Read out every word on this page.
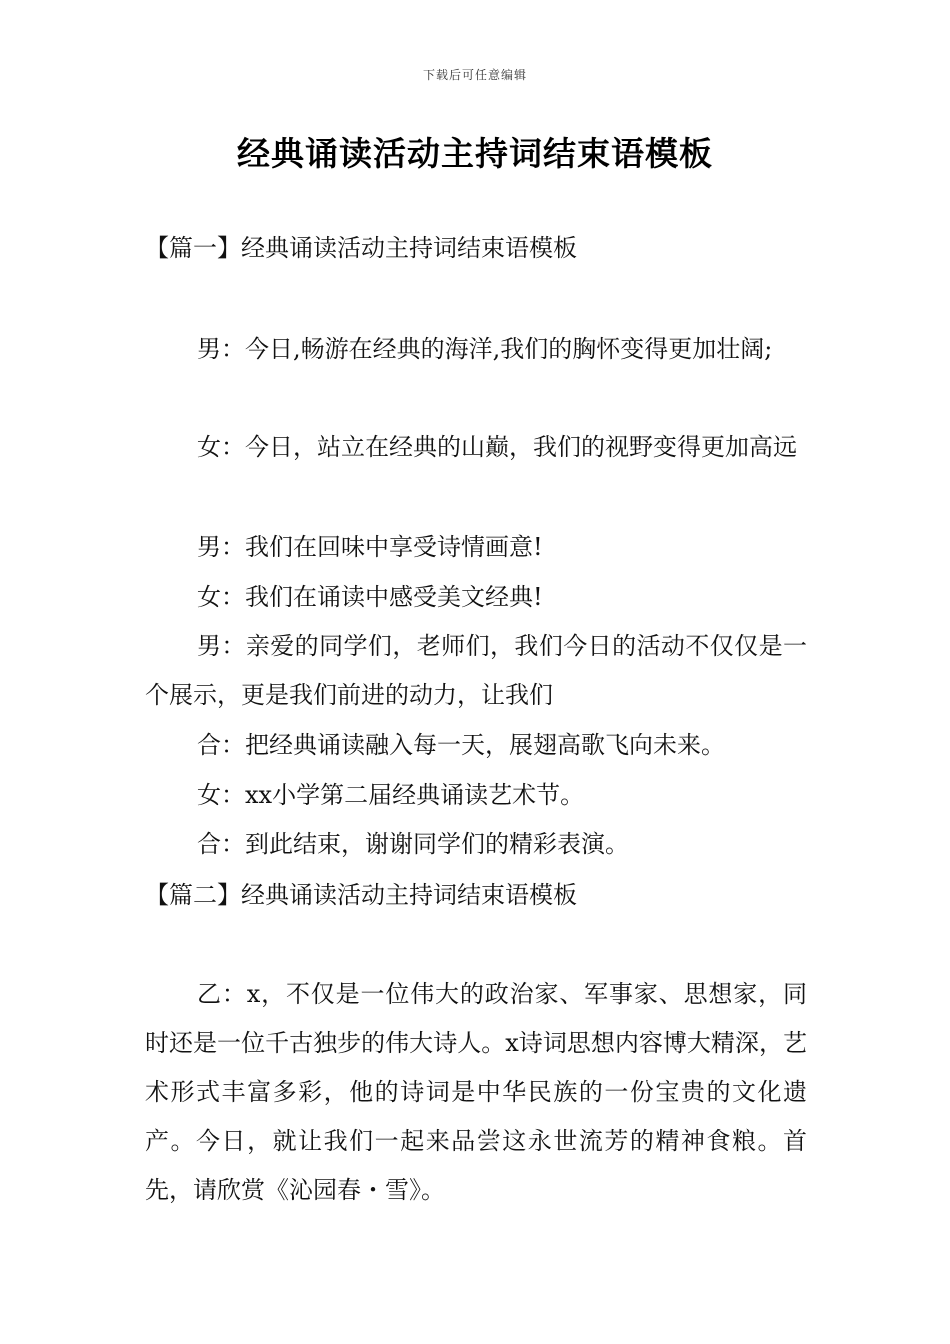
下载后可任意编辑
经典诵读活动主持词结束语模板
【篇一】经典诵读活动主持词结束语模板

男：今日,畅游在经典的海洋,我们的胸怀变得更加壮阔;

女：今日，站立在经典的山巅，我们的视野变得更加高远

男：我们在回味中享受诗情画意!

女：我们在诵读中感受美文经典!

男：亲爱的同学们，老师们，我们今日的活动不仅仅是一个展示，更是我们前进的动力，让我们

合：把经典诵读融入每一天，展翅高歌飞向未来。

女：xx小学第二届经典诵读艺术节。

合：到此结束，谢谢同学们的精彩表演。

【篇二】经典诵读活动主持词结束语模板

乙：x，不仅是一位伟大的政治家、军事家、思想家，同时还是一位千古独步的伟大诗人。x诗词思想内容博大精深，艺术形式丰富多彩，他的诗词是中华民族的一份宝贵的文化遗产。今日，就让我们一起来品尝这永世流芳的精神食粮。首先，请欣赏《沁园春・雪》。
